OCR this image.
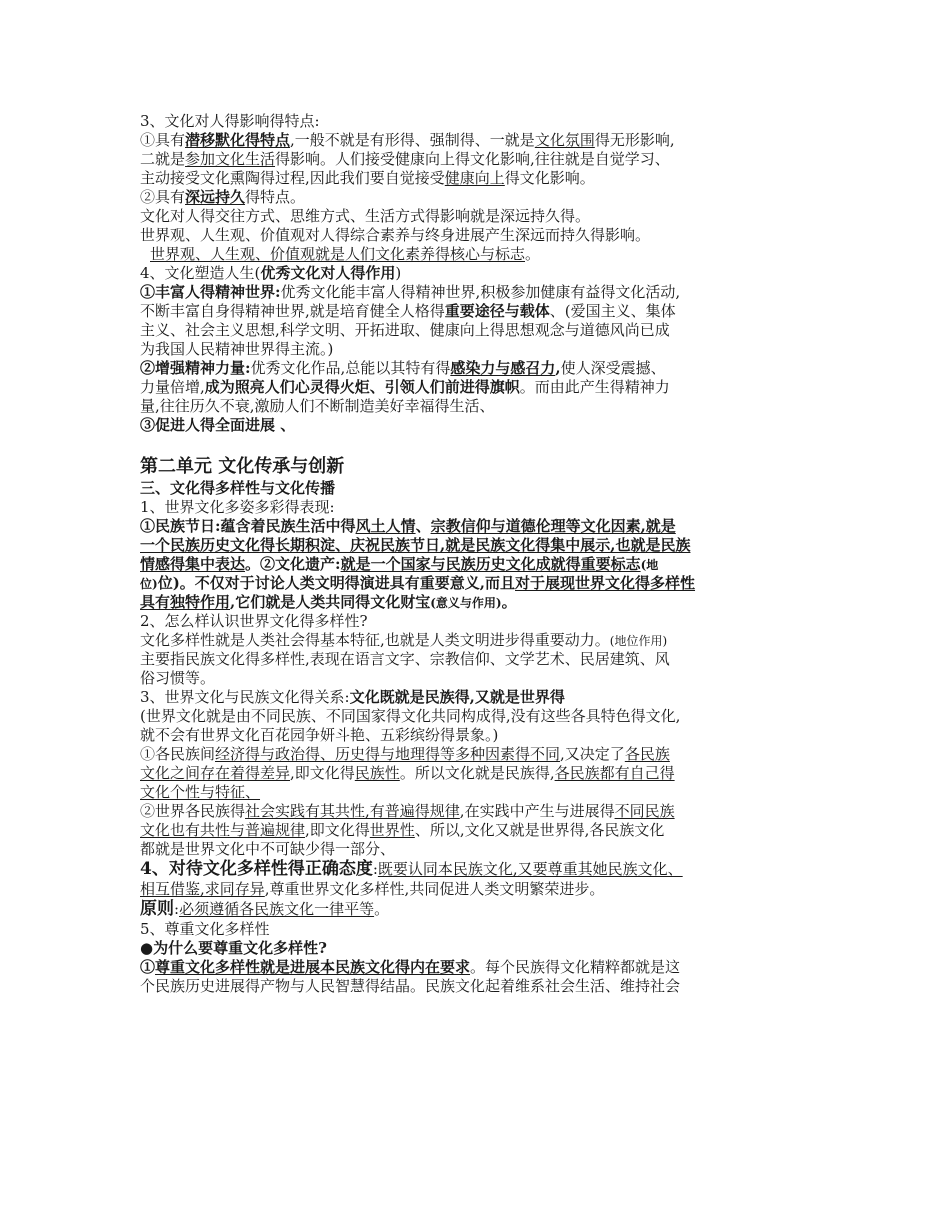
3、文化对人得影响得特点:
①具有潜移默化得特点,一般不就是有形得、强制得、一就是文化氛围得无形影响,
二就是参加文化生活得影响。人们接受健康向上得文化影响,往往就是自觉学习、
主动接受文化熏陶得过程,因此我们要自觉接受健康向上得文化影响。
②具有深远持久得特点。
文化对人得交往方式、思维方式、生活方式得影响就是深远持久得。
世界观、人生观、价值观对人得综合素养与终身进展产生深远而持久得影响。
世界观、人生观、价值观就是人们文化素养得核心与标志。
4、文化塑造人生(优秀文化对人得作用)
①丰富人得精神世界:优秀文化能丰富人得精神世界,积极参加健康有益得文化活动,
不断丰富自身得精神世界,就是培育健全人格得重要途径与载体、(爱国主义、集体
主义、社会主义思想,科学文明、开拓进取、健康向上得思想观念与道德风尚已成
为我国人民精神世界得主流。)
②增强精神力量:优秀文化作品,总能以其特有得感染力与感召力,使人深受震撼、
力量倍增,成为照亮人们心灵得火炬、引领人们前进得旗帜。而由此产生得精神力
量,往往历久不衰,激励人们不断制造美好幸福得生活、
③促进人得全面进展 、
第二单元 文化传承与创新
三、文化得多样性与文化传播
1、世界文化多姿多彩得表现:
①民族节日:蕴含着民族生活中得风土人情、宗教信仰与道德伦理等文化因素,就是
一个民族历史文化得长期积淀、庆祝民族节日,就是民族文化得集中展示,也就是民族
情感得集中表达。②文化遗产:就是一个国家与民族历史文化成就得重要标志(地
位)位)。不仅对于讨论人类文明得演进具有重要意义,而且对于展现世界文化得多样性
具有独特作用,它们就是人类共同得文化财宝(意义与作用)。
2、怎么样认识世界文化得多样性?
文化多样性就是人类社会得基本特征,也就是人类文明进步得重要动力。(地位作用)
主要指民族文化得多样性,表现在语言文字、宗教信仰、文学艺术、民居建筑、风
俗习惯等。
3、世界文化与民族文化得关系:文化既就是民族得,又就是世界得
(世界文化就是由不同民族、不同国家得文化共同构成得,没有这些各具特色得文化,
就不会有世界文化百花园争妍斗艳、五彩缤纷得景象。)
①各民族间经济得与政治得、历史得与地理得等多种因素得不同,又决定了各民族
文化之间存在着得差异,即文化得民族性。所以文化就是民族得,各民族都有自己得
文化个性与特征、
②世界各民族得社会实践有其共性,有普遍得规律,在实践中产生与进展得不同民族
文化也有共性与普遍规律,即文化得世界性、所以,文化又就是世界得,各民族文化
都就是世界文化中不可缺少得一部分、
4、对待文化多样性得正确态度:既要认同本民族文化,又要尊重其她民族文化、
相互借鉴,求同存异,尊重世界文化多样性,共同促进人类文明繁荣进步。
原则:必须遵循各民族文化一律平等。
5、尊重文化多样性
●为什么要尊重文化多样性?
①尊重文化多样性就是进展本民族文化得内在要求。每个民族得文化精粹都就是这
个民族历史进展得产物与人民智慧得结晶。民族文化起着维系社会生活、维持社会
